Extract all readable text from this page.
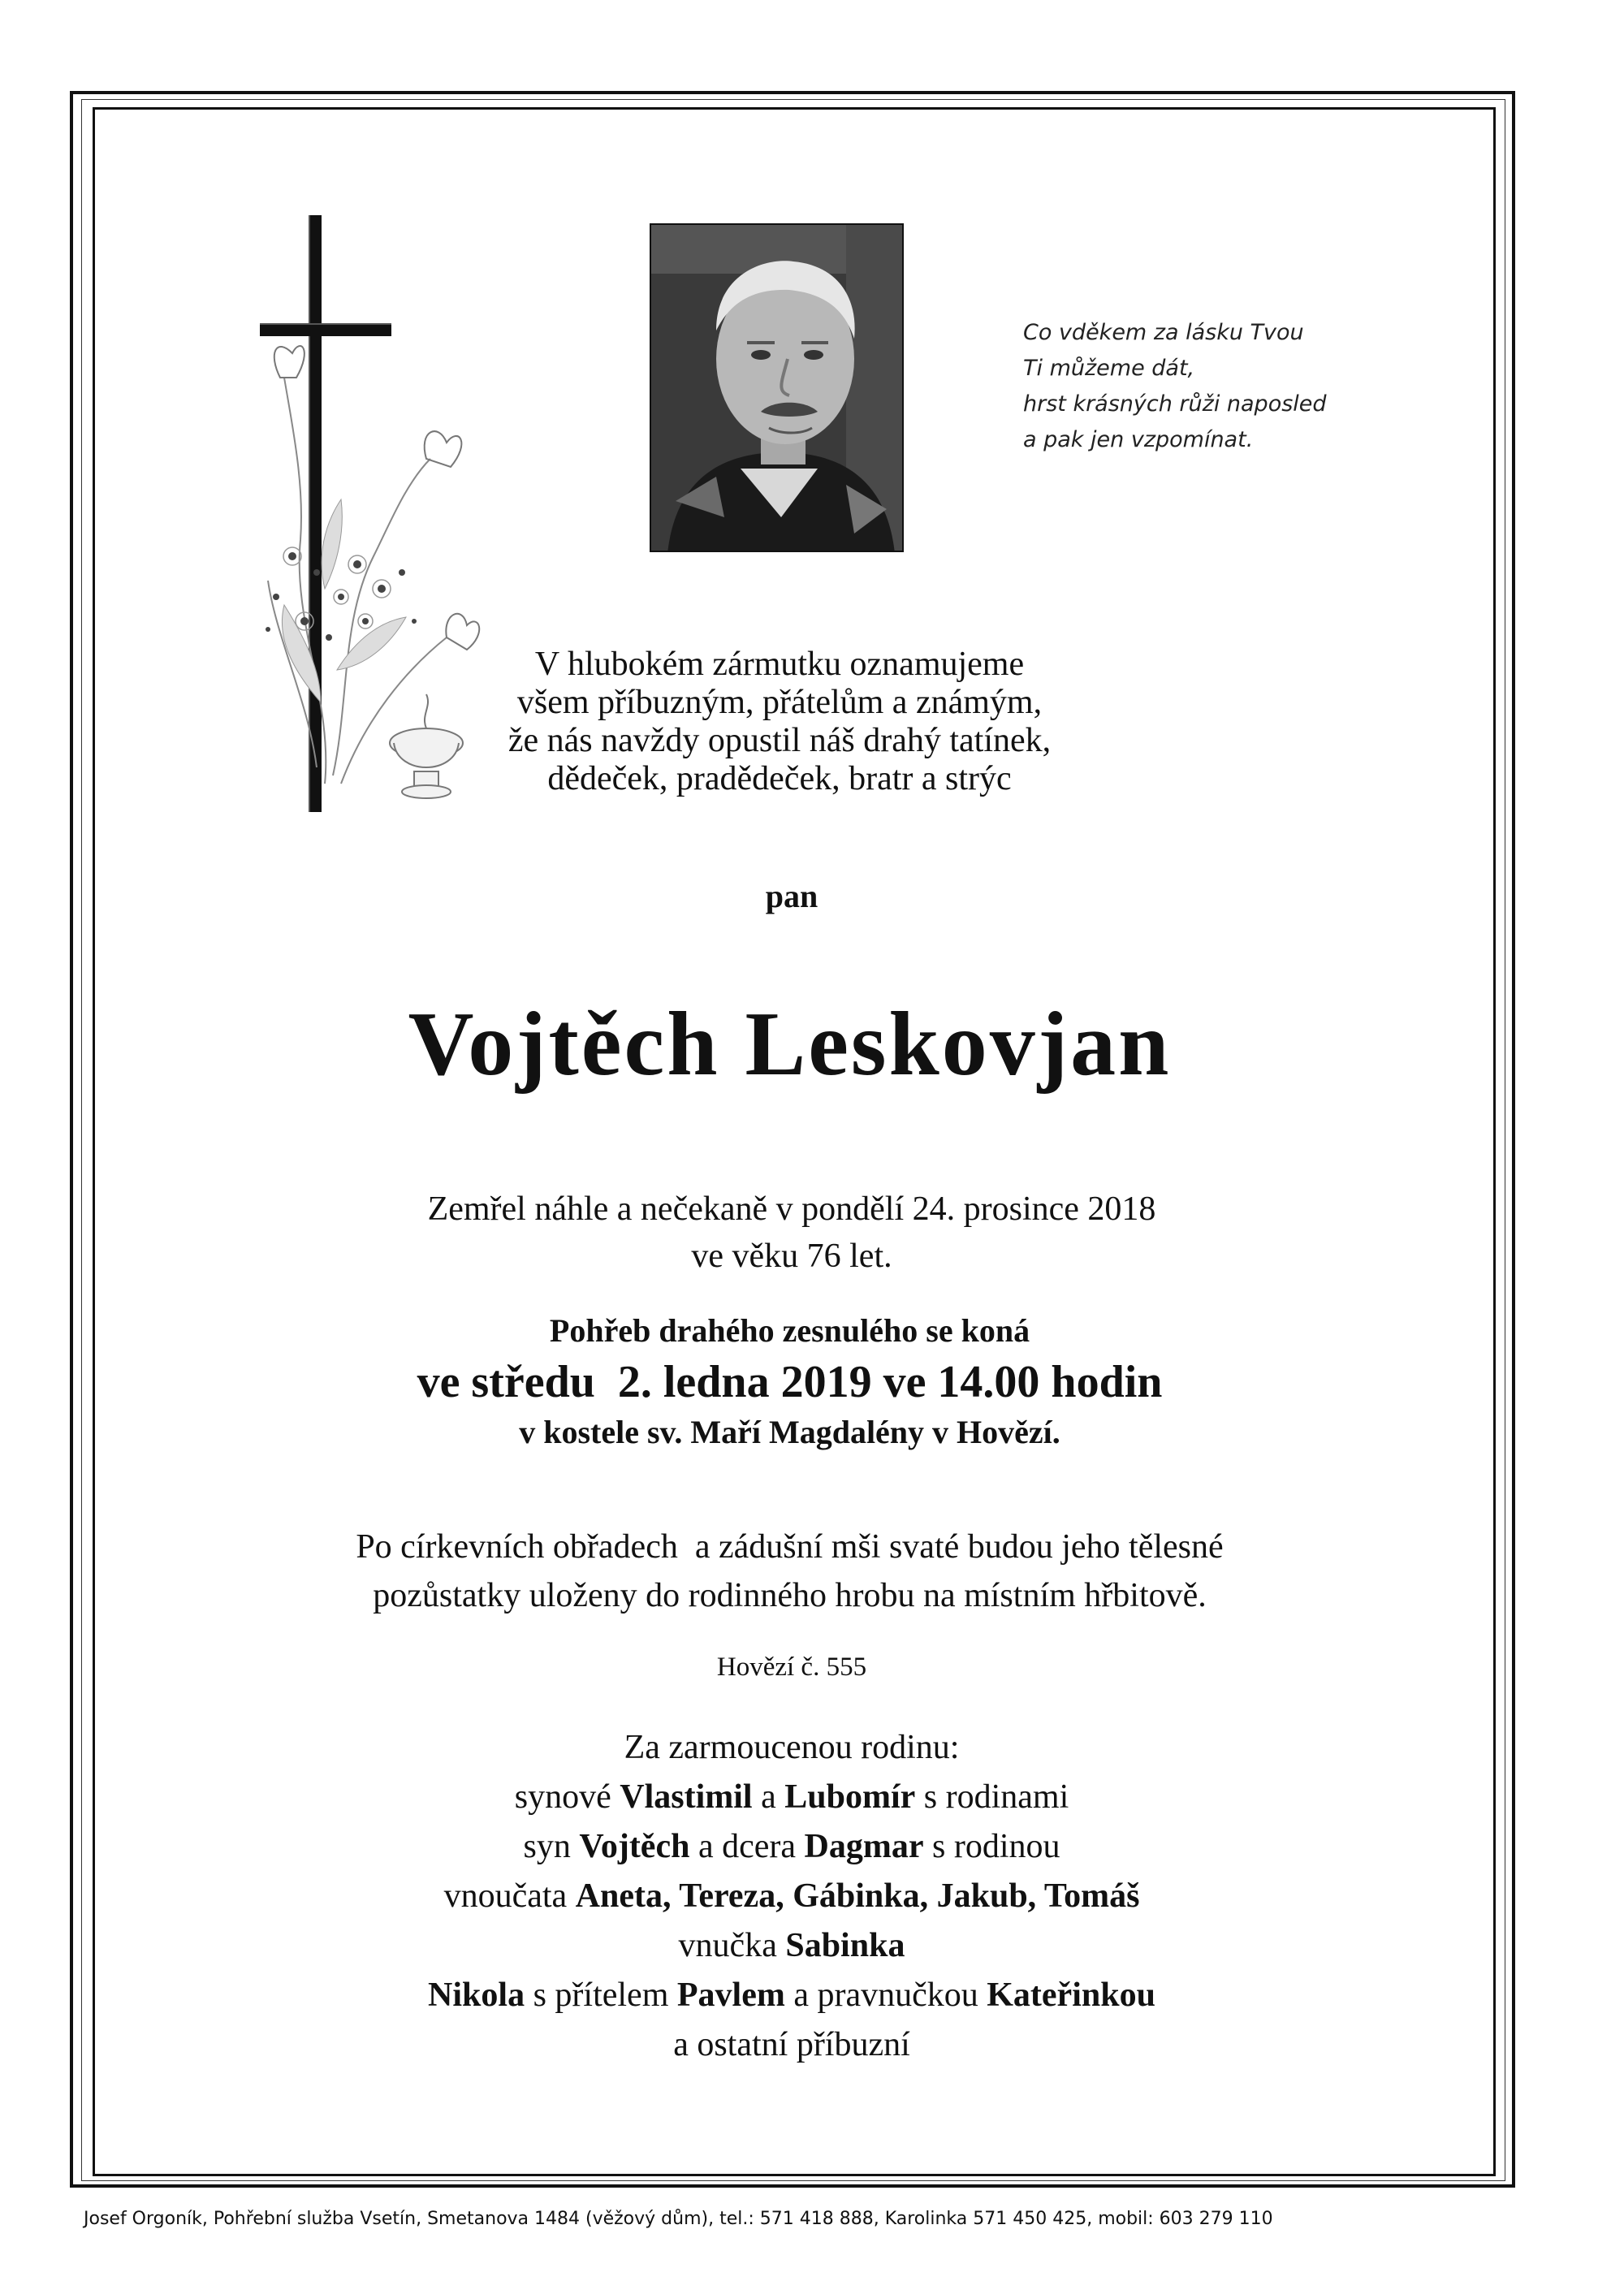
Co vděkem za lásku Tvou
Ti můžeme dát,
hrst krásných růži naposled
a pak jen vzpomínat.
V hlubokém zármutku oznamujeme
všem příbuzným, přátelům a známým,
že nás navždy opustil náš drahý tatínek,
dědeček, pradědeček, bratr a strýc
pan
Vojtěch Leskovjan
Zemřel náhle a nečekaně v pondělí 24. prosince 2018
ve věku 76 let.
Pohřeb drahého zesnulého se koná
ve středu  2. ledna 2019 ve 14.00 hodin
v kostele sv. Maří Magdalény v Hovězí.
Po církevních obřadech  a zádušní mši svaté budou jeho tělesné
pozůstatky uloženy do rodinného hrobu na místním hřbitově.
Hovězí č. 555
Za zarmoucenou rodinu:
synové Vlastimil a Lubomír s rodinami
syn Vojtěch a dcera Dagmar s rodinou
vnoučata Aneta, Tereza, Gábinka, Jakub, Tomáš
vnučka Sabinka
Nikola s přítelem Pavlem a pravnučkou Kateřinkou
a ostatní příbuzní
Josef Orgoník, Pohřební služba Vsetín, Smetanova 1484 (věžový dům), tel.: 571 418 888, Karolinka 571 450 425, mobil: 603 279 110
